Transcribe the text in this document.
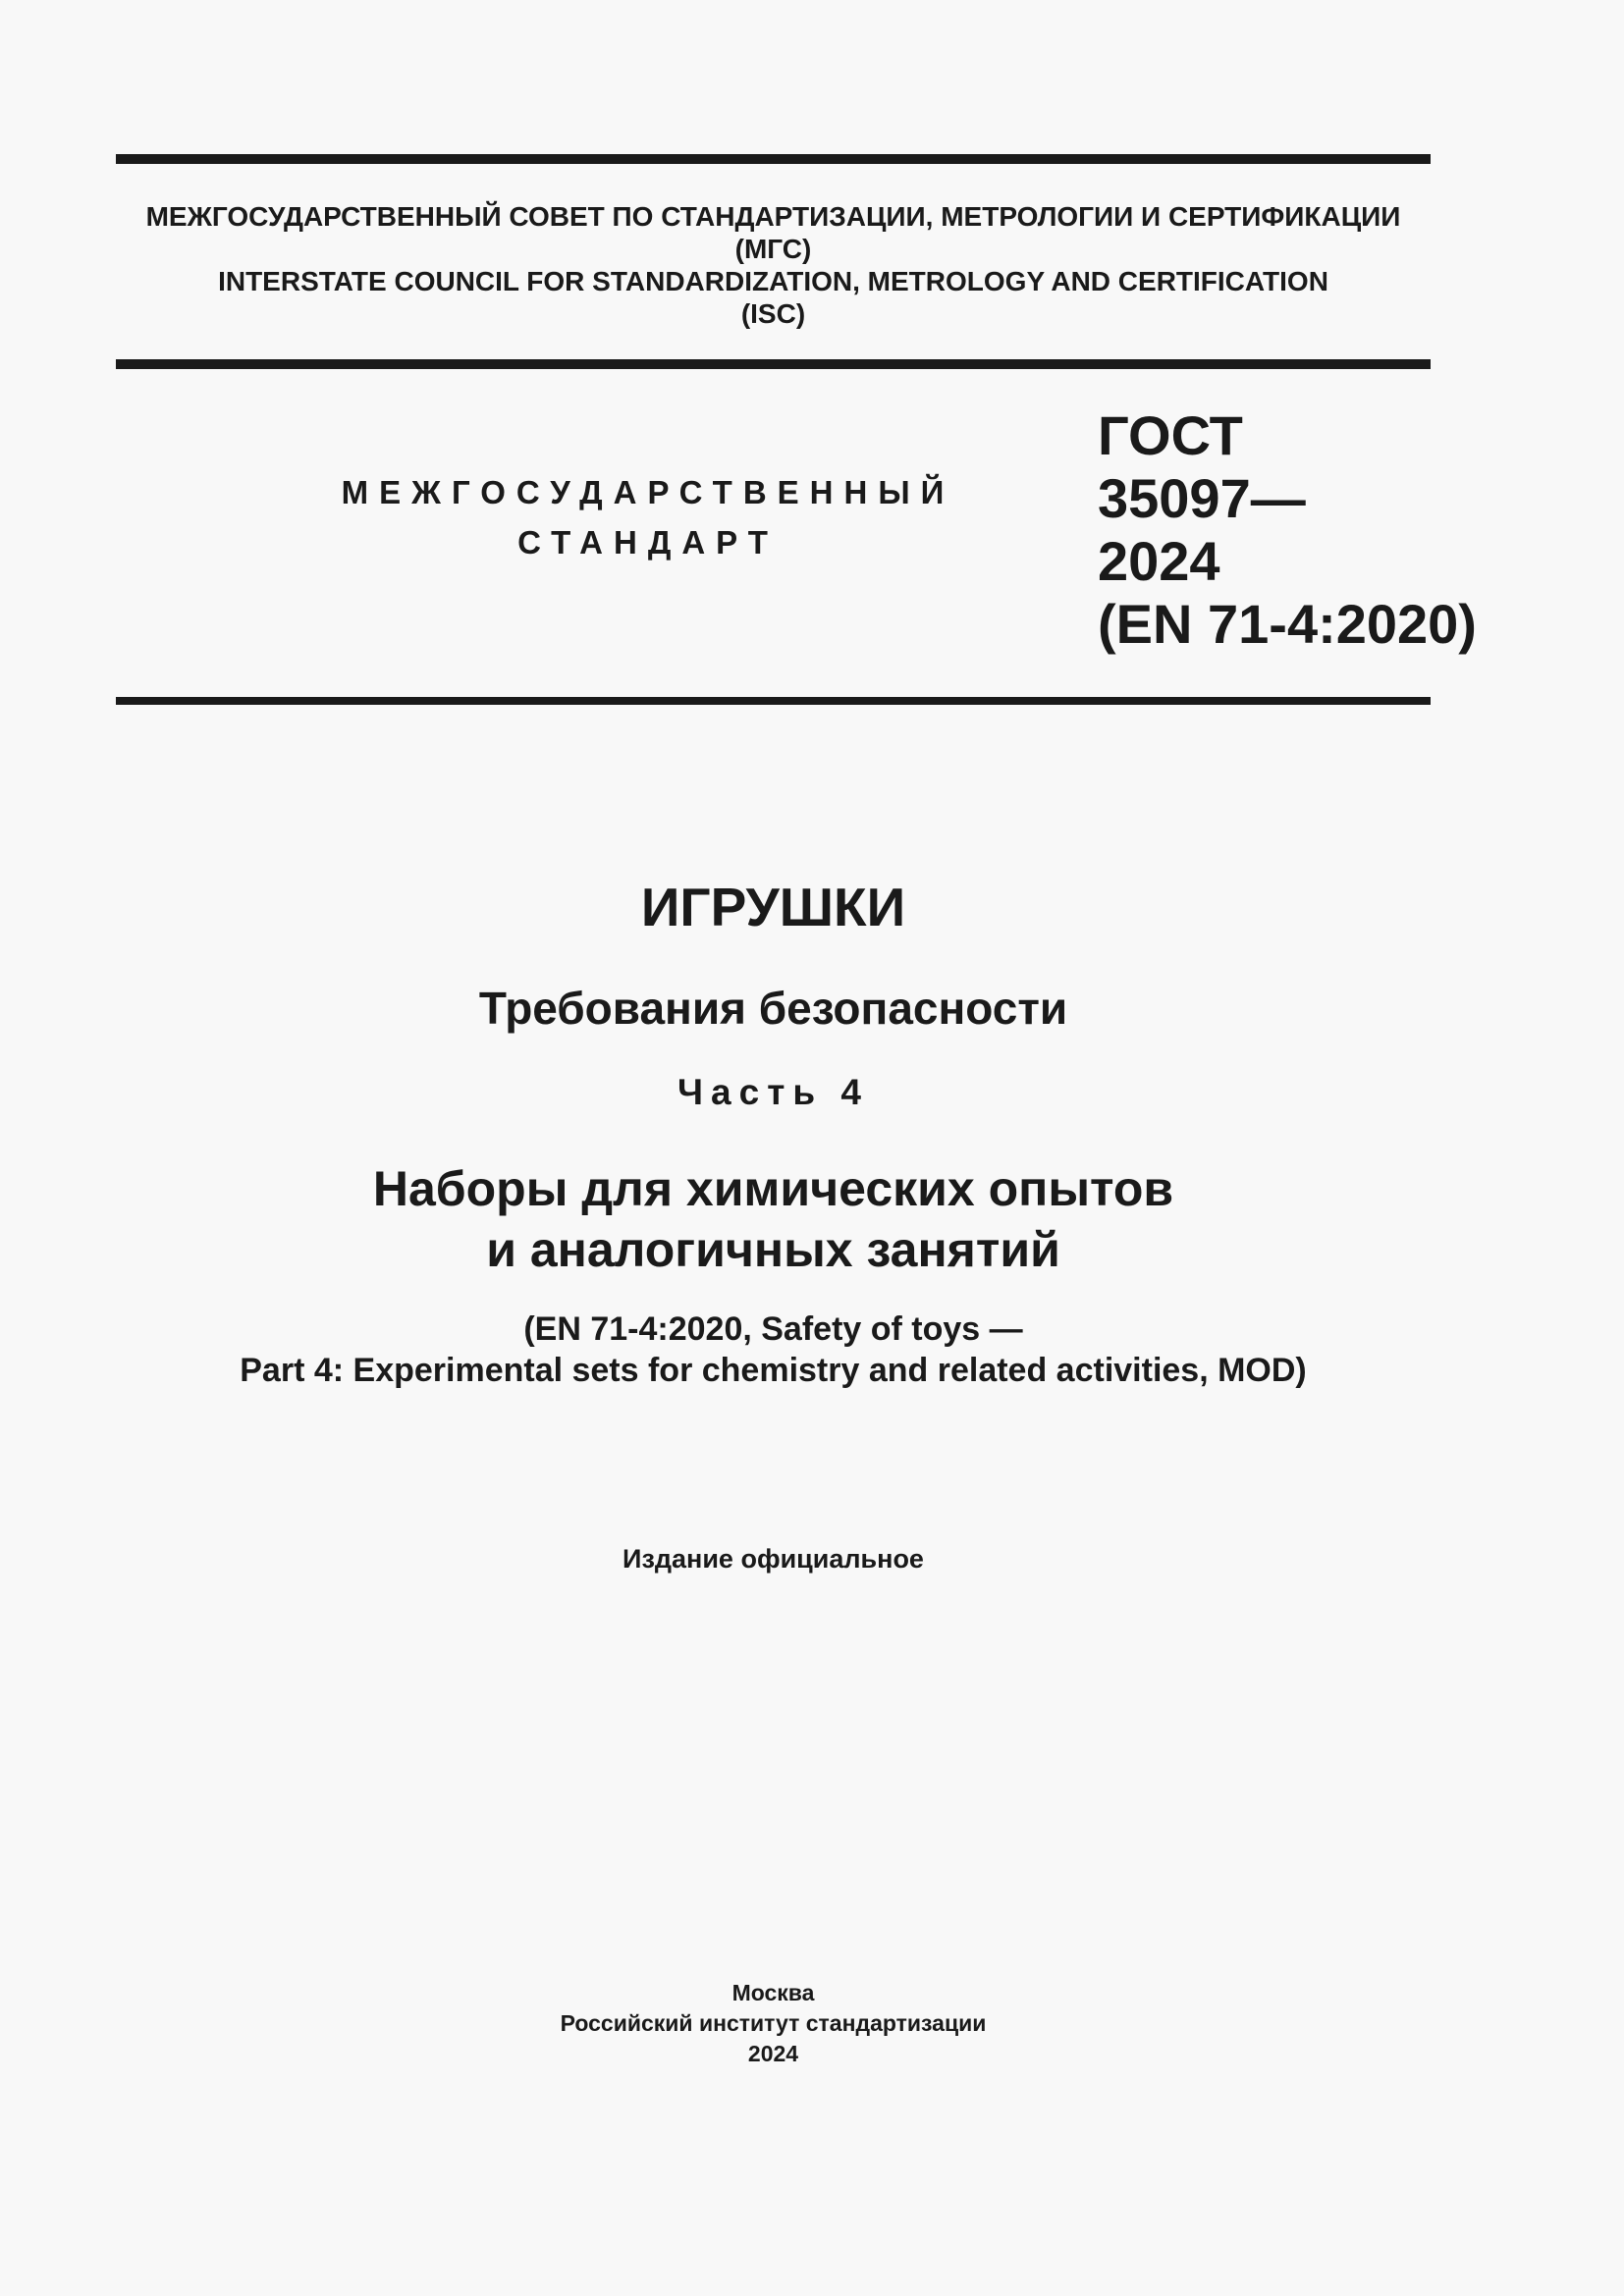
МЕЖГОСУДАРСТВЕННЫЙ СОВЕТ ПО СТАНДАРТИЗАЦИИ, МЕТРОЛОГИИ И СЕРТИФИКАЦИИ
(МГС)
INTERSTATE COUNCIL FOR STANDARDIZATION, METROLOGY AND CERTIFICATION
(ISC)
МЕЖГОСУДАРСТВЕННЫЙ
СТАНДАРТ
ГОСТ
35097—
2024
(EN 71-4:2020)
ИГРУШКИ
Требования безопасности
Часть 4
Наборы для химических опытов
и аналогичных занятий
(EN 71-4:2020, Safety of toys —
Part 4: Experimental sets for chemistry and related activities, MOD)
Издание официальное
Москва
Российский институт стандартизации
2024
